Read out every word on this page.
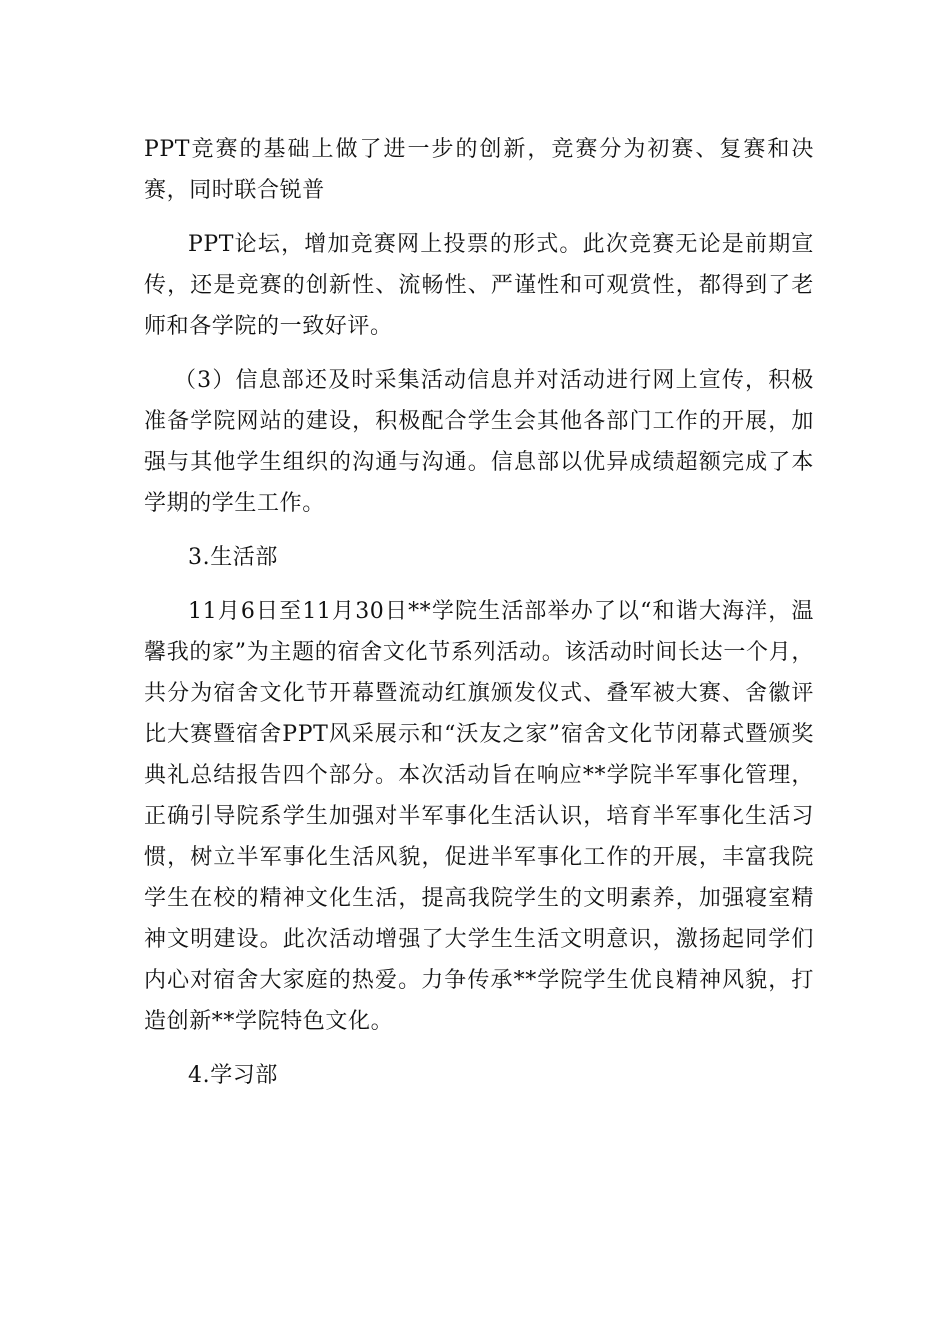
PPT竞赛的基础上做了进一步的创新，竞赛分为初赛、复赛和决赛，同时联合锐普

PPT论坛，增加竞赛网上投票的形式。此次竞赛无论是前期宣传，还是竞赛的创新性、流畅性、严谨性和可观赏性，都得到了老师和各学院的一致好评。

（3）信息部还及时采集活动信息并对活动进行网上宣传，积极准备学院网站的建设，积极配合学生会其他各部门工作的开展，加强与其他学生组织的沟通与沟通。信息部以优异成绩超额完成了本学期的学生工作。

3.生活部

11月6日至11月30日**学院生活部举办了以“和谐大海洋，温馨我的家”为主题的宿舍文化节系列活动。该活动时间长达一个月，共分为宿舍文化节开幕暨流动红旗颁发仪式、叠军被大赛、舍徽评比大赛暨宿舍PPT风采展示和“沃友之家”宿舍文化节闭幕式暨颁奖典礼总结报告四个部分。本次活动旨在响应**学院半军事化管理，正确引导院系学生加强对半军事化生活认识，培育半军事化生活习惯，树立半军事化生活风貌，促进半军事化工作的开展，丰富我院学生在校的精神文化生活，提高我院学生的文明素养，加强寝室精神文明建设。此次活动增强了大学生生活文明意识，激扬起同学们内心对宿舍大家庭的热爱。力争传承**学院学生优良精神风貌，打造创新**学院特色文化。

4.学习部
